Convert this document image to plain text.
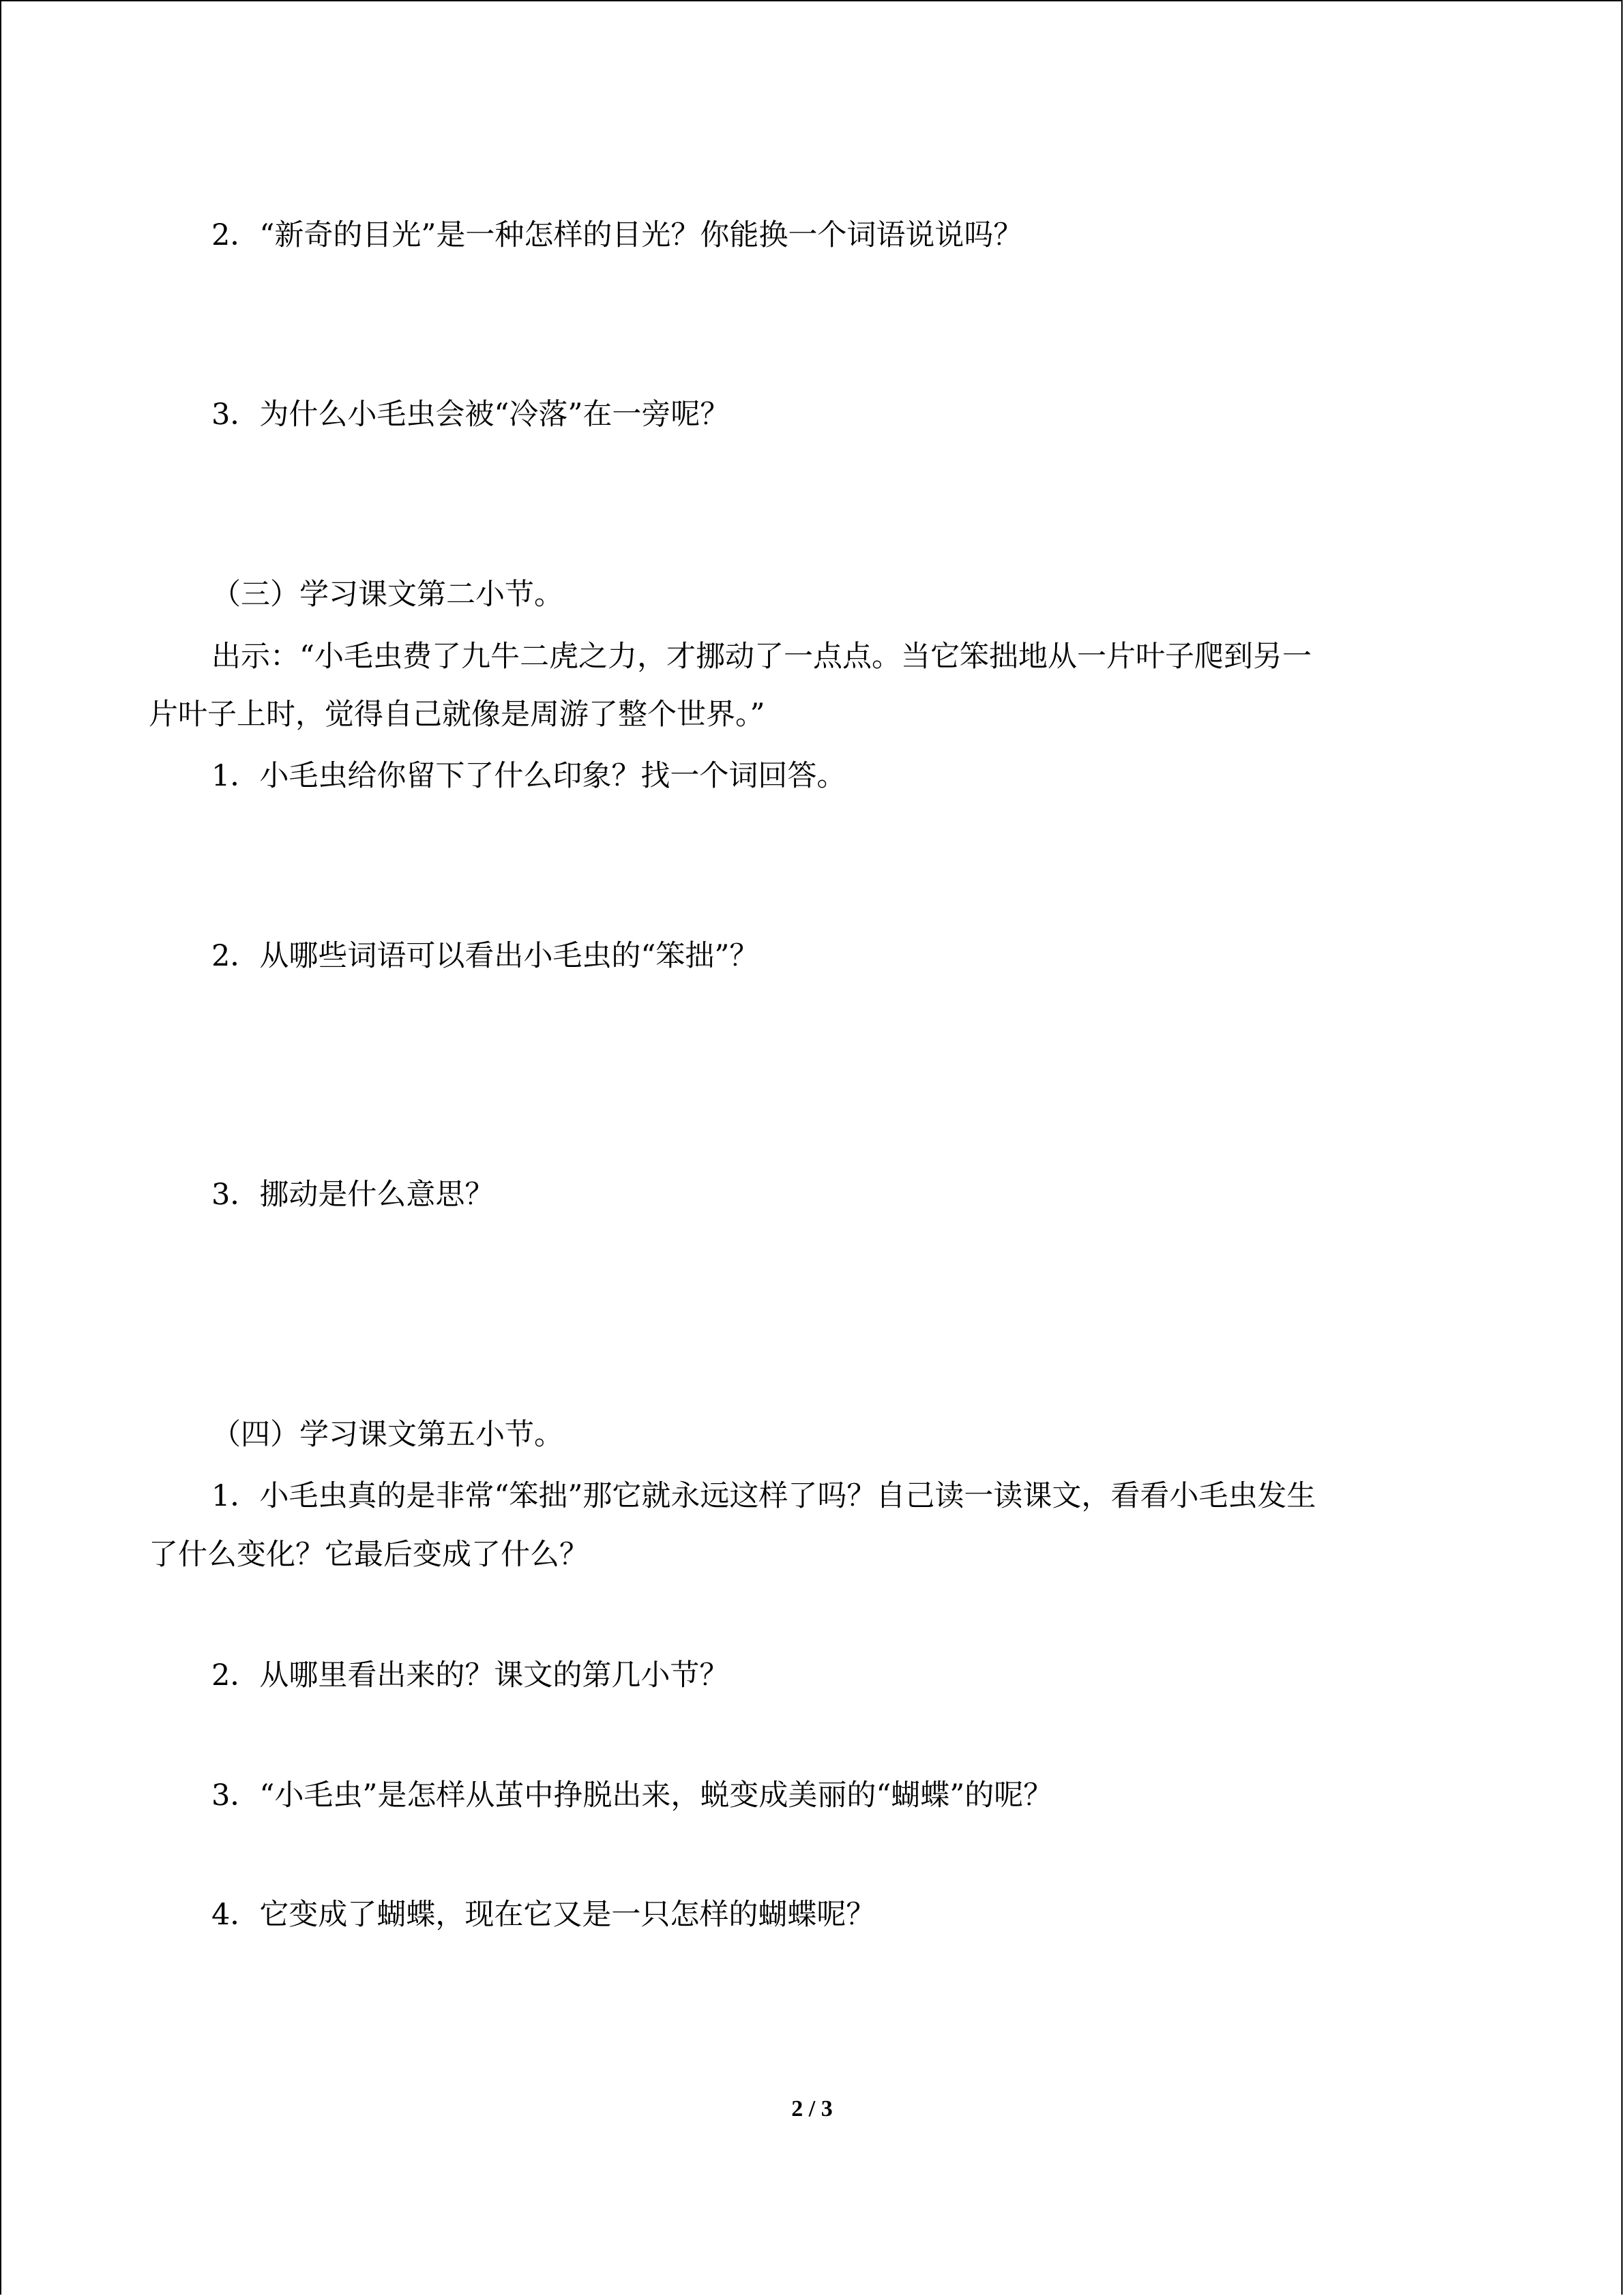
2．“新奇的目光”是一种怎样的目光？你能换一个词语说说吗？
3．为什么小毛虫会被“冷落”在一旁呢？
（三）学习课文第二小节。
出示：“小毛虫费了九牛二虎之力，才挪动了一点点。当它笨拙地从一片叶子爬到另一
片叶子上时，觉得自己就像是周游了整个世界。”
1．小毛虫给你留下了什么印象？找一个词回答。
2．从哪些词语可以看出小毛虫的“笨拙”？
3．挪动是什么意思？
（四）学习课文第五小节。
1．小毛虫真的是非常“笨拙”那它就永远这样了吗？自己读一读课文，看看小毛虫发生
了什么变化？它最后变成了什么？
2．从哪里看出来的？课文的第几小节？
3．“小毛虫”是怎样从茧中挣脱出来，蜕变成美丽的“蝴蝶”的呢？
4．它变成了蝴蝶，现在它又是一只怎样的蝴蝶呢？
2 / 3
